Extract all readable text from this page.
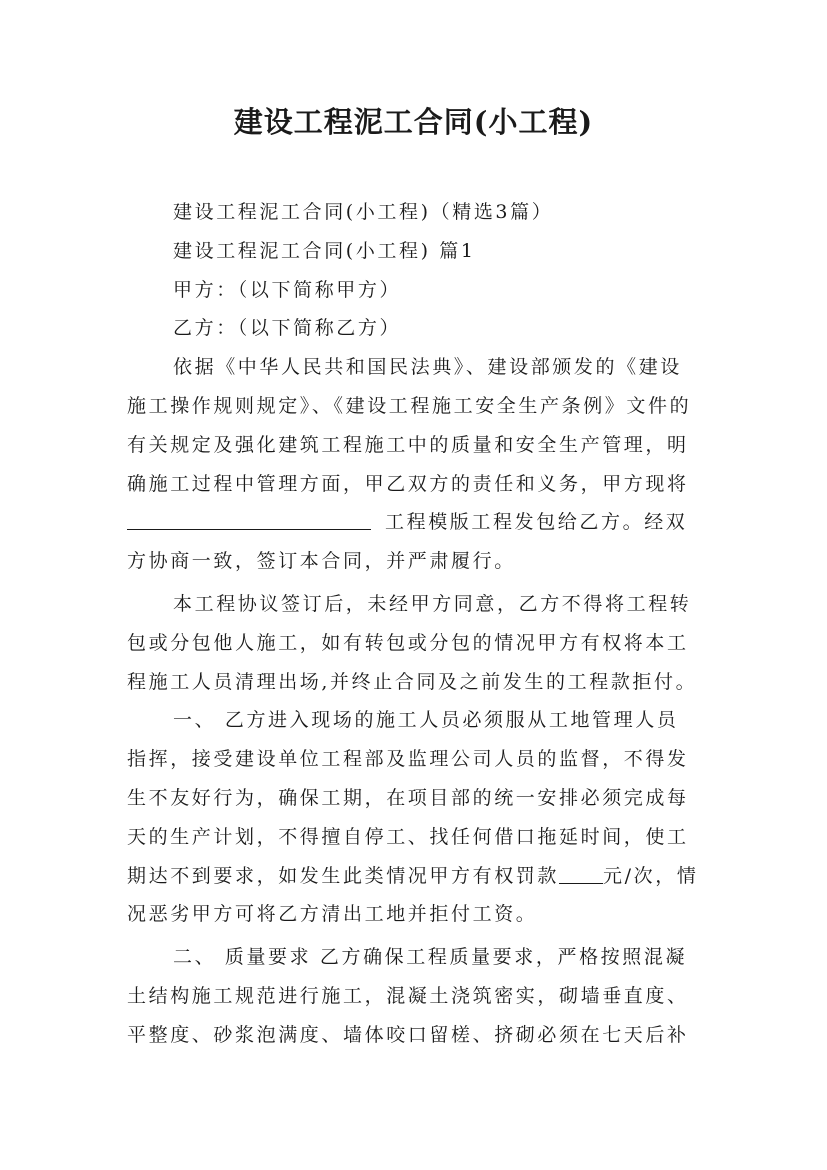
建设工程泥工合同(小工程)
建设工程泥工合同(小工程)（精选3篇）
建设工程泥工合同(小工程) 篇1
甲方：（以下简称甲方）
乙方：（以下简称乙方）
依据《中华人民共和国民法典》、建设部颁发的《建设
施工操作规则规定》、《建设工程施工安全生产条例》文件的
有关规定及强化建筑工程施工中的质量和安全生产管理，明
确施工过程中管理方面，甲乙双方的责任和义务，甲方现将
工程模版工程发包给乙方。经双
方协商一致，签订本合同，并严肃履行。
本工程协议签订后，未经甲方同意，乙方不得将工程转
包或分包他人施工，如有转包或分包的情况甲方有权将本工
程施工人员清理出场,并终止合同及之前发生的工程款拒付。
一、 乙方进入现场的施工人员必须服从工地管理人员
指挥，接受建设单位工程部及监理公司人员的监督，不得发
生不友好行为，确保工期，在项目部的统一安排必须完成每
天的生产计划，不得擅自停工、找任何借口拖延时间，使工
期达不到要求，如发生此类情况甲方有权罚款 元/次，情
况恶劣甲方可将乙方清出工地并拒付工资。
二、 质量要求 乙方确保工程质量要求，严格按照混凝
土结构施工规范进行施工，混凝土浇筑密实，砌墙垂直度、
平整度、砂浆泡满度、墙体咬口留槎、挤砌必须在七天后补
